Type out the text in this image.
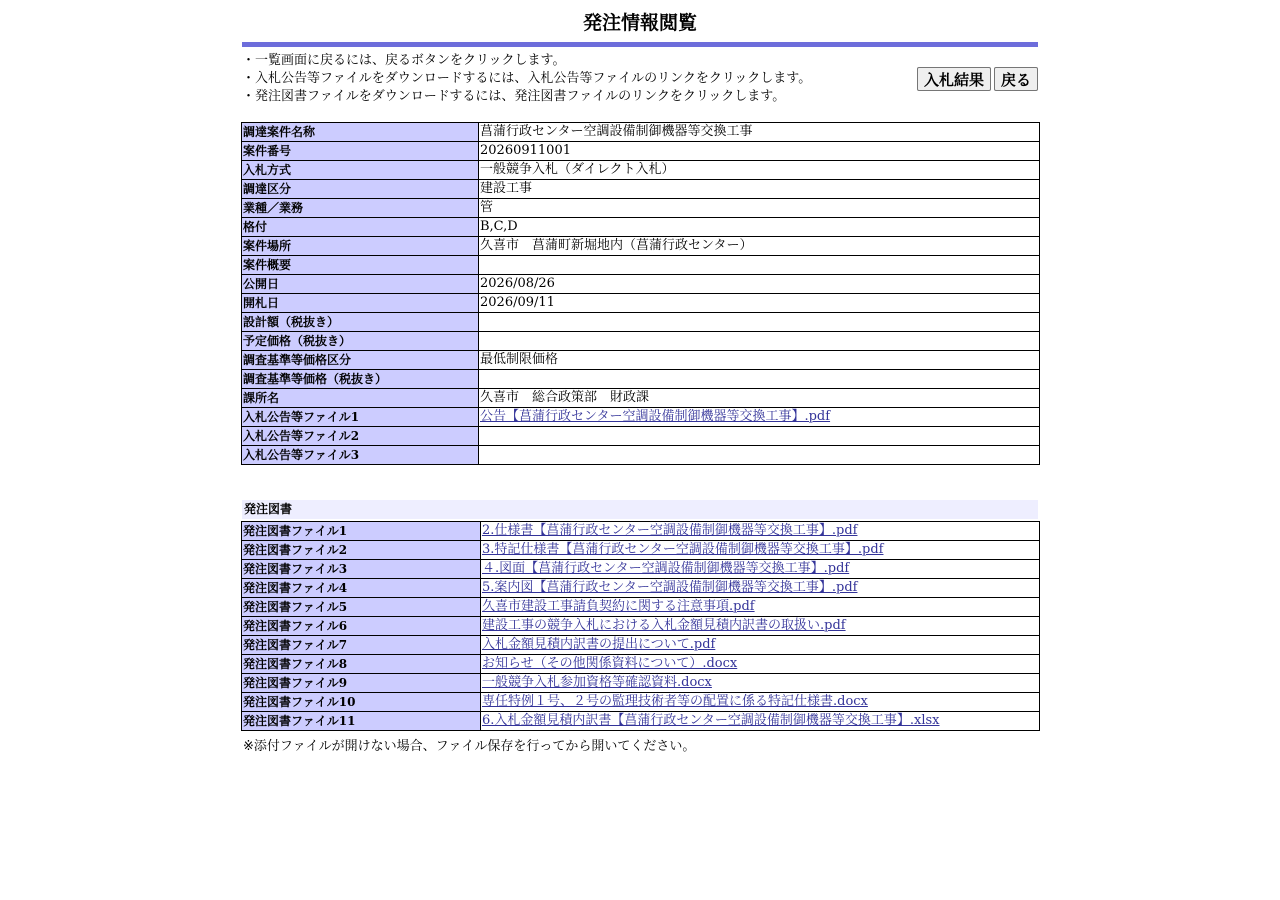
発注情報閲覧
・一覧画面に戻るには、戻るボタンをクリックします。
・入札公告等ファイルをダウンロードするには、入札公告等ファイルのリンクをクリックします。
・発注図書ファイルをダウンロードするには、発注図書ファイルのリンクをクリックします。
入札結果 戻る
調達案件名称	菖蒲行政センター空調設備制御機器等交換工事
案件番号	20260911001
入札方式	一般競争入札（ダイレクト入札）
調達区分	建設工事
業種／業務	管
格付	B,C,D
案件場所	久喜市　菖蒲町新堀地内（菖蒲行政センター）
案件概要	
公開日	2026/08/26
開札日	2026/09/11
設計額（税抜き）	
予定価格（税抜き）	
調査基準等価格区分	最低制限価格
調査基準等価格（税抜き）	
課所名	久喜市　総合政策部　財政課
入札公告等ファイル1	公告【菖蒲行政センター空調設備制御機器等交換工事】.pdf
入札公告等ファイル2	
入札公告等ファイル3	
発注図書
発注図書ファイル1	2.仕様書【菖蒲行政センター空調設備制御機器等交換工事】.pdf
発注図書ファイル2	3.特記仕様書【菖蒲行政センター空調設備制御機器等交換工事】.pdf
発注図書ファイル3	４.図面【菖蒲行政センター空調設備制御機器等交換工事】.pdf
発注図書ファイル4	5.案内図【菖蒲行政センター空調設備制御機器等交換工事】.pdf
発注図書ファイル5	久喜市建設工事請負契約に関する注意事項.pdf
発注図書ファイル6	建設工事の競争入札における入札金額見積内訳書の取扱い.pdf
発注図書ファイル7	入札金額見積内訳書の提出について.pdf
発注図書ファイル8	お知らせ（その他関係資料について）.docx
発注図書ファイル9	一般競争入札参加資格等確認資料.docx
発注図書ファイル10	専任特例１号、２号の監理技術者等の配置に係る特記仕様書.docx
発注図書ファイル11	6.入札金額見積内訳書【菖蒲行政センター空調設備制御機器等交換工事】.xlsx
※添付ファイルが開けない場合、ファイル保存を行ってから開いてください。
